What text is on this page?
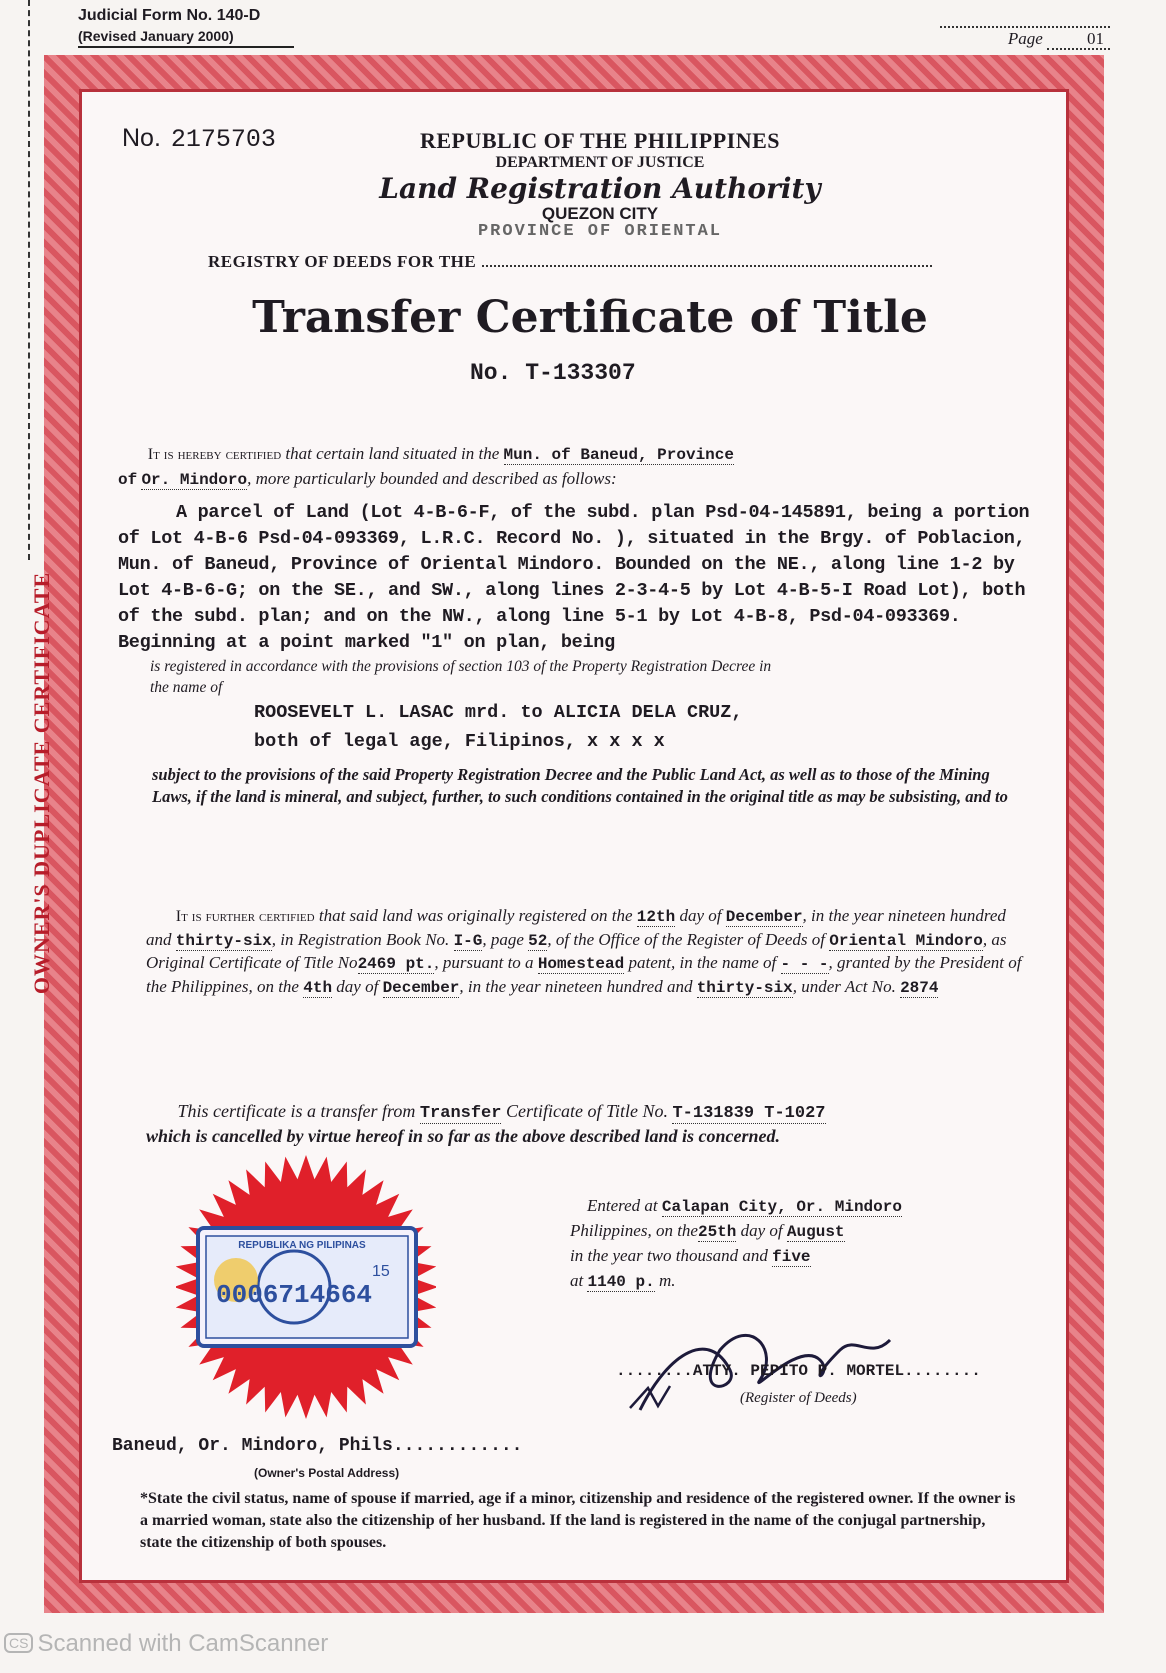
Judicial Form No. 140-D
(Revised January 2000)	Page	01
OWNER'S DUPLICATE CERTIFICATE
No. 2175703	REPUBLIC OF THE PHILIPPINES
DEPARTMENT OF JUSTICE
Land Registration Authority
QUEZON CITY
PROVINCE OF ORIENTAL
REGISTRY OF DEEDS FOR THE
Transfer Certificate of Title
No. T-133307
It is hereby certified that certain land situated in the Mun. of Baneud, Province
of Or. Mindoro, more particularly bounded and described as follows:

A parcel of Land (Lot 4-B-6-F, of the subd. plan Psd-04-145891, being a portion of Lot 4-B-6 Psd-04-093369, L.R.C. Record No. ), situated in the Brgy. of Poblacion, Mun. of Baneud, Province of Oriental Mindoro. Bounded on the NE., along line 1-2 by Lot 4-B-6-G; on the SE., and SW., along lines 2-3-4-5 by Lot 4-B-5-I Road Lot), both of the subd. plan; and on the NW., along line 5-1 by Lot 4-B-8, Psd-04-093369. Beginning at a point marked "1" on plan, being

is registered in accordance with the provisions of section 103 of the Property Registration Decree in
the name of
ROOSEVELT L. LASAC mrd. to ALICIA DELA CRUZ,
both of legal age, Filipinos, x x x x
subject to the provisions of the said Property Registration Decree and the Public Land Act, as well as to those of the Mining Laws, if the land is mineral, and subject, further, to such conditions contained in the original title as may be subsisting, and to
It is further certified that said land was originally registered on the 12th day of December, in the year nineteen hundred and thirty-six, in Registration Book No. I-G, page 52, of the Office of the Register of Deeds of Oriental Mindoro, as Original Certificate of Title No2469 pt., pursuant to a Homestead patent, in the name of - - -, granted by the President of the Philippines, on the 4th day of December, in the year nineteen hundred and thirty-six, under Act No. 2874
This certificate is a transfer from Transfer Certificate of Title No. T-131839 T-1027
which is cancelled by virtue hereof in so far as the above described land is concerned.
REPUBLIKA NG PILIPINAS
0006714664
15
Entered at Calapan City, Or. Mindoro
Philippines, on the25th day of August
in the year two thousand and five
at 1140 p. m.
........ATTY. PEPITO P. MORTEL........
(Register of Deeds)
Baneud, Or. Mindoro, Phils............
(Owner's Postal Address)
*State the civil status, name of spouse if married, age if a minor, citizenship and residence of the registered owner. If the owner is a married woman, state also the citizenship of her husband. If the land is registered in the name of the conjugal partnership, state the citizenship of both spouses.
CS Scanned with CamScanner
